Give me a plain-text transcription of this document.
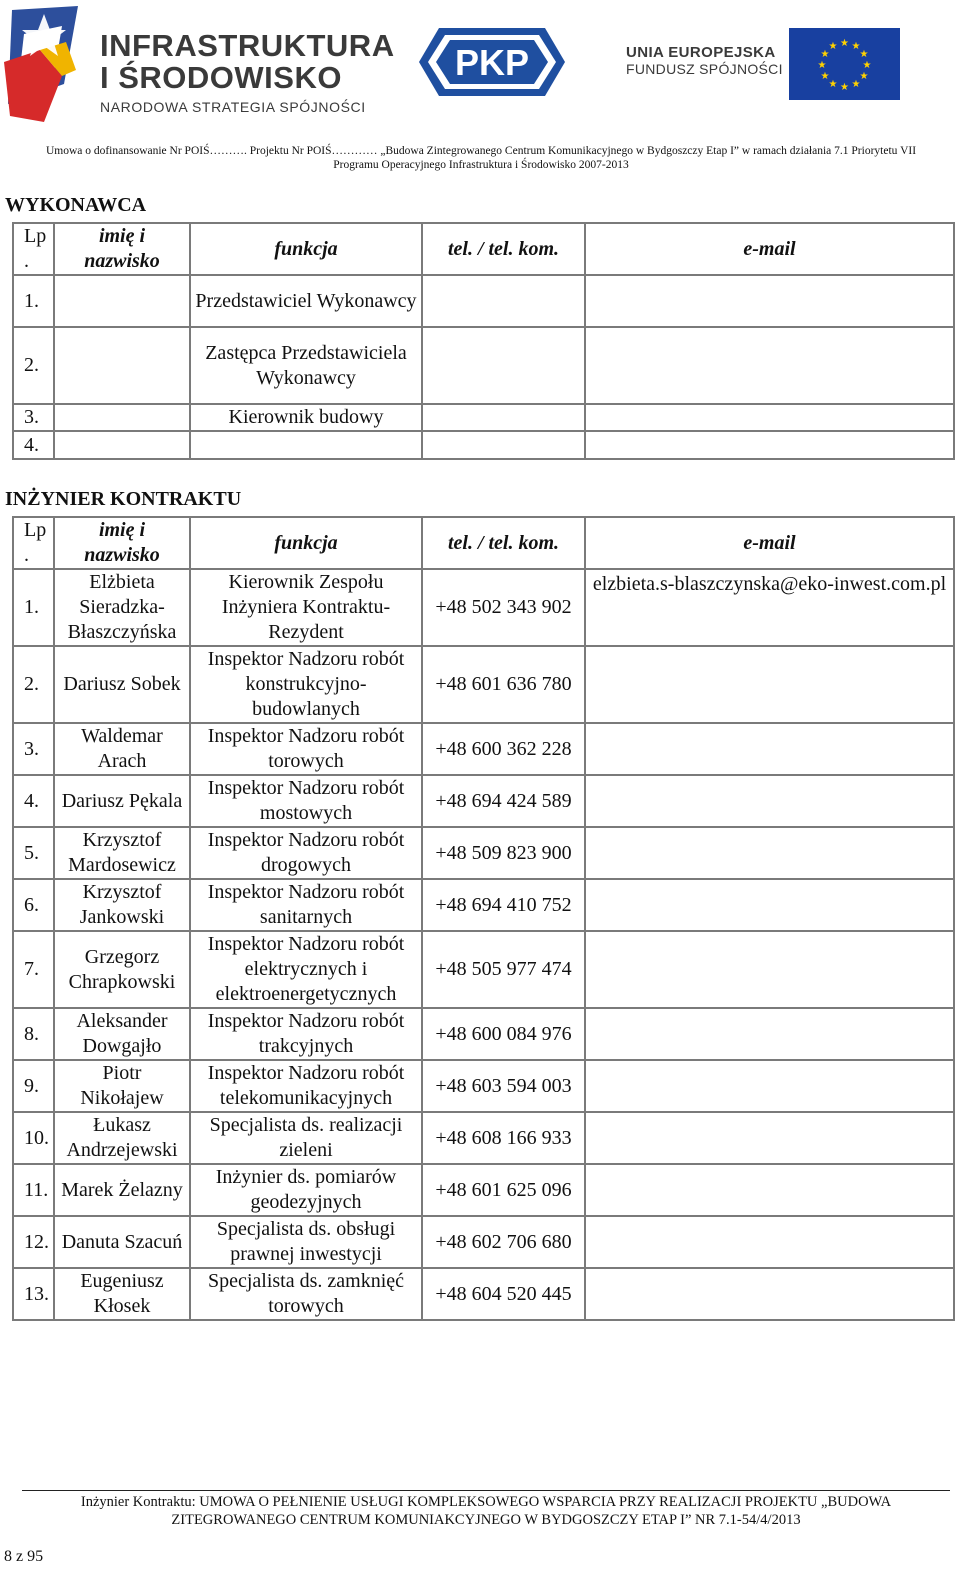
INFRASTRUKTURA
I ŚRODOWISKO
NARODOWA STRATEGIA SPÓJNOŚCI
PKP	UNIA EUROPEJSKA
FUNDUSZ SPÓJNOŚCI
★ ★
★
★
★
★
★
★
★
★
★
★
Umowa o dofinansowanie Nr POIŚ………. Projektu Nr POIŚ………… „Budowa Zintegrowanego Centrum Komunikacyjnego w Bydgoszczy Etap I” w ramach działania 7.1 Priorytetu VII
Programu Operacyjnego Infrastruktura i Środowisko 2007-2013
WYKONAWCA
Lp .	imię i nazwisko	funkcja	tel. / tel. kom.	e-mail
1.		Przedstawiciel Wykonawcy		
2.		Zastępca Przedstawiciela Wykonawcy		
3.		Kierownik budowy		
4.				
INŻYNIER KONTRAKTU
Lp .	imię i nazwisko	funkcja	tel. / tel. kom.	e-mail
1.	Elżbieta Sieradzka-Błaszczyńska	Kierownik Zespołu Inżyniera Kontraktu-Rezydent	+48 502 343 902	elzbieta.s-blaszczynska@eko-inwest.com.pl
2.	Dariusz Sobek	Inspektor Nadzoru robót konstrukcyjno-budowlanych	+48 601 636 780	
3.	Waldemar Arach	Inspektor Nadzoru robót torowych	+48 600 362 228	
4.	Dariusz Pękala	Inspektor Nadzoru robót mostowych	+48 694 424 589	
5.	Krzysztof Mardosewicz	Inspektor Nadzoru robót drogowych	+48 509 823 900	
6.	Krzysztof Jankowski	Inspektor Nadzoru robót sanitarnych	+48 694 410 752	
7.	Grzegorz Chrapkowski	Inspektor Nadzoru robót elektrycznych i elektroenergetycznych	+48 505 977 474	
8.	Aleksander Dowgajło	Inspektor Nadzoru robót trakcyjnych	+48 600 084 976	
9.	Piotr Nikołajew	Inspektor Nadzoru robót telekomunikacyjnych	+48 603 594 003	
10.	Łukasz Andrzejewski	Specjalista ds. realizacji zieleni	+48 608 166 933	
11.	Marek Żelazny	Inżynier ds. pomiarów geodezyjnych	+48 601 625 096	
12.	Danuta Szacuń	Specjalista ds. obsługi prawnej inwestycji	+48 602 706 680	
13.	Eugeniusz Kłosek	Specjalista ds. zamknięć torowych	+48 604 520 445	
Inżynier Kontraktu: UMOWA O PEŁNIENIE USŁUGI KOMPLEKSOWEGO WSPARCIA PRZY REALIZACJI PROJEKTU „BUDOWA
ZITEGROWANEGO CENTRUM KOMUNIAKCYJNEGO W BYDGOSZCZY ETAP I” NR 7.1-54/4/2013
8 z 95
